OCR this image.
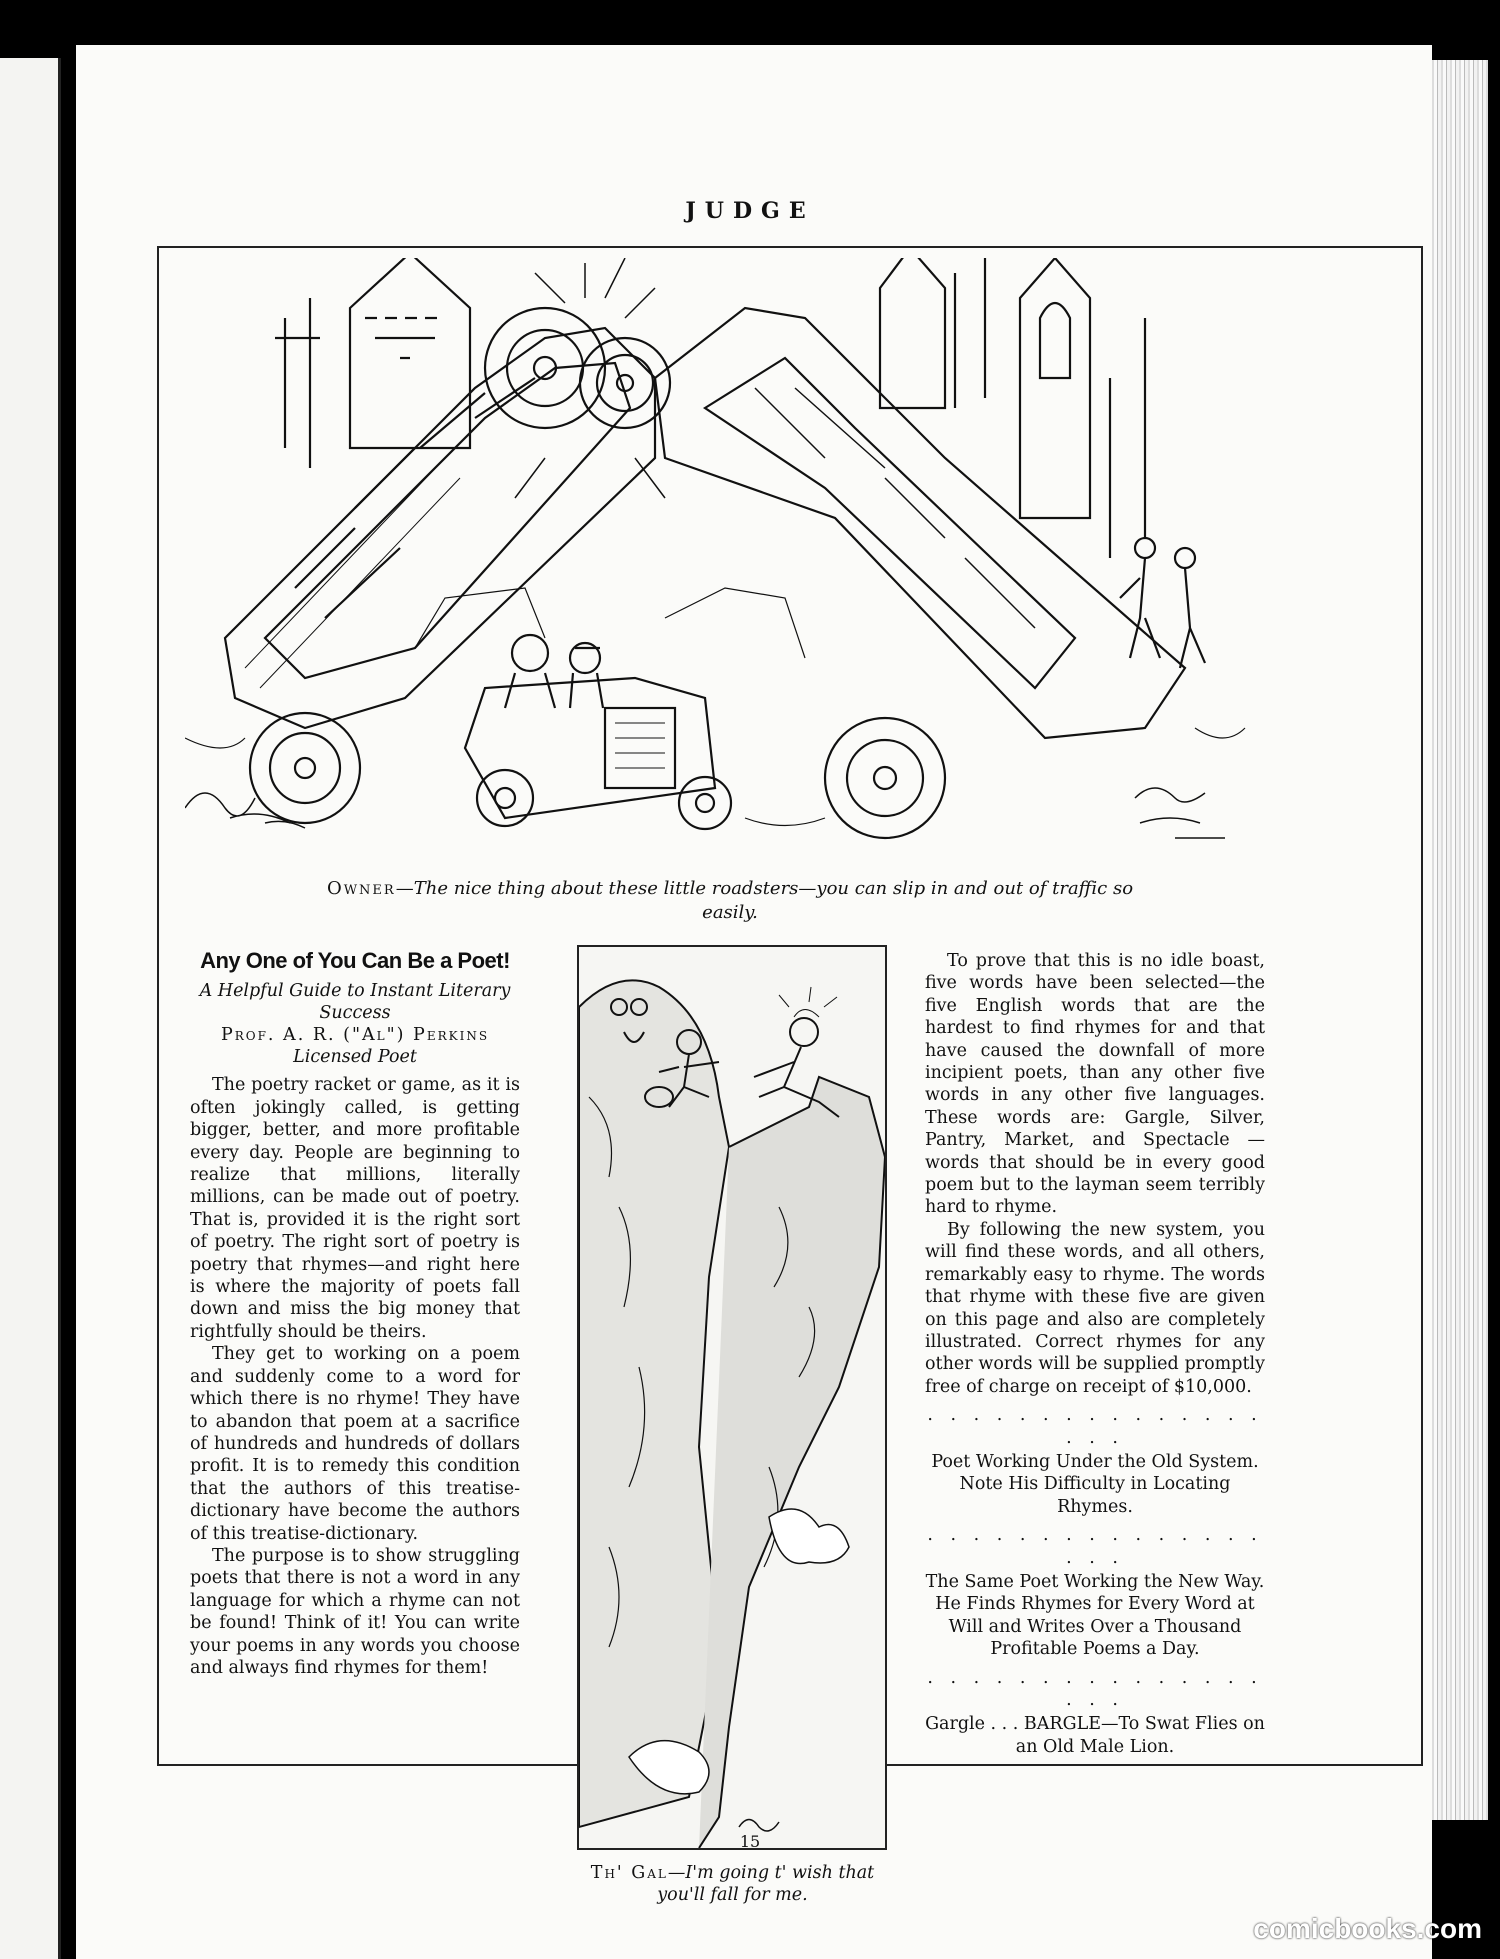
JUDGE
Owner—The nice thing about these little roadsters—you can slip in and out of traffic so easily.
Any One of You Can Be a Poet!
A Helpful Guide to Instant Literary Success
Prof. A. R. ("Al") Perkins
Licensed Poet

The poetry racket or game, as it is often jokingly called, is getting bigger, better, and more profitable every day. People are beginning to realize that millions, literally millions, can be made out of poetry. That is, provided it is the right sort of poetry. The right sort of poetry is poetry that rhymes—and right here is where the majority of poets fall down and miss the big money that rightfully should be theirs.

They get to working on a poem and suddenly come to a word for which there is no rhyme! They have to abandon that poem at a sacrifice of hundreds and hundreds of dollars profit. It is to remedy this condition that the authors of this treatise-dictionary have become the authors of this treatise-dictionary.

The purpose is to show struggling poets that there is not a word in any language for which a rhyme can not be found! Think of it! You can write your poems in any words you choose and always find rhymes for them!

Th' Gal—I'm going t' wish that you'll fall for me.

To prove that this is no idle boast, five words have been selected—the five English words that are the hardest to find rhymes for and that have caused the downfall of more incipient poets, than any other five words in any other five languages. These words are: Gargle, Silver, Pantry, Market, and Spectacle — words that should be in every good poem but to the layman seem terribly hard to rhyme.

By following the new system, you will find these words, and all others, remarkably easy to rhyme. The words that rhyme with these five are given on this page and also are completely illustrated. Correct rhymes for any other words will be supplied promptly free of charge on receipt of $10,000.

. . . . . . . . . . . . . . . . . .
Poet Working Under the Old System. Note His Difficulty in Locating Rhymes.
. . . . . . . . . . . . . . . . . .
The Same Poet Working the New Way. He Finds Rhymes for Every Word at Will and Writes Over a Thousand Profitable Poems a Day.
. . . . . . . . . . . . . . . . . .
Gargle . . . BARGLE—To Swat Flies on an Old Male Lion.
15
comicbooks.com
